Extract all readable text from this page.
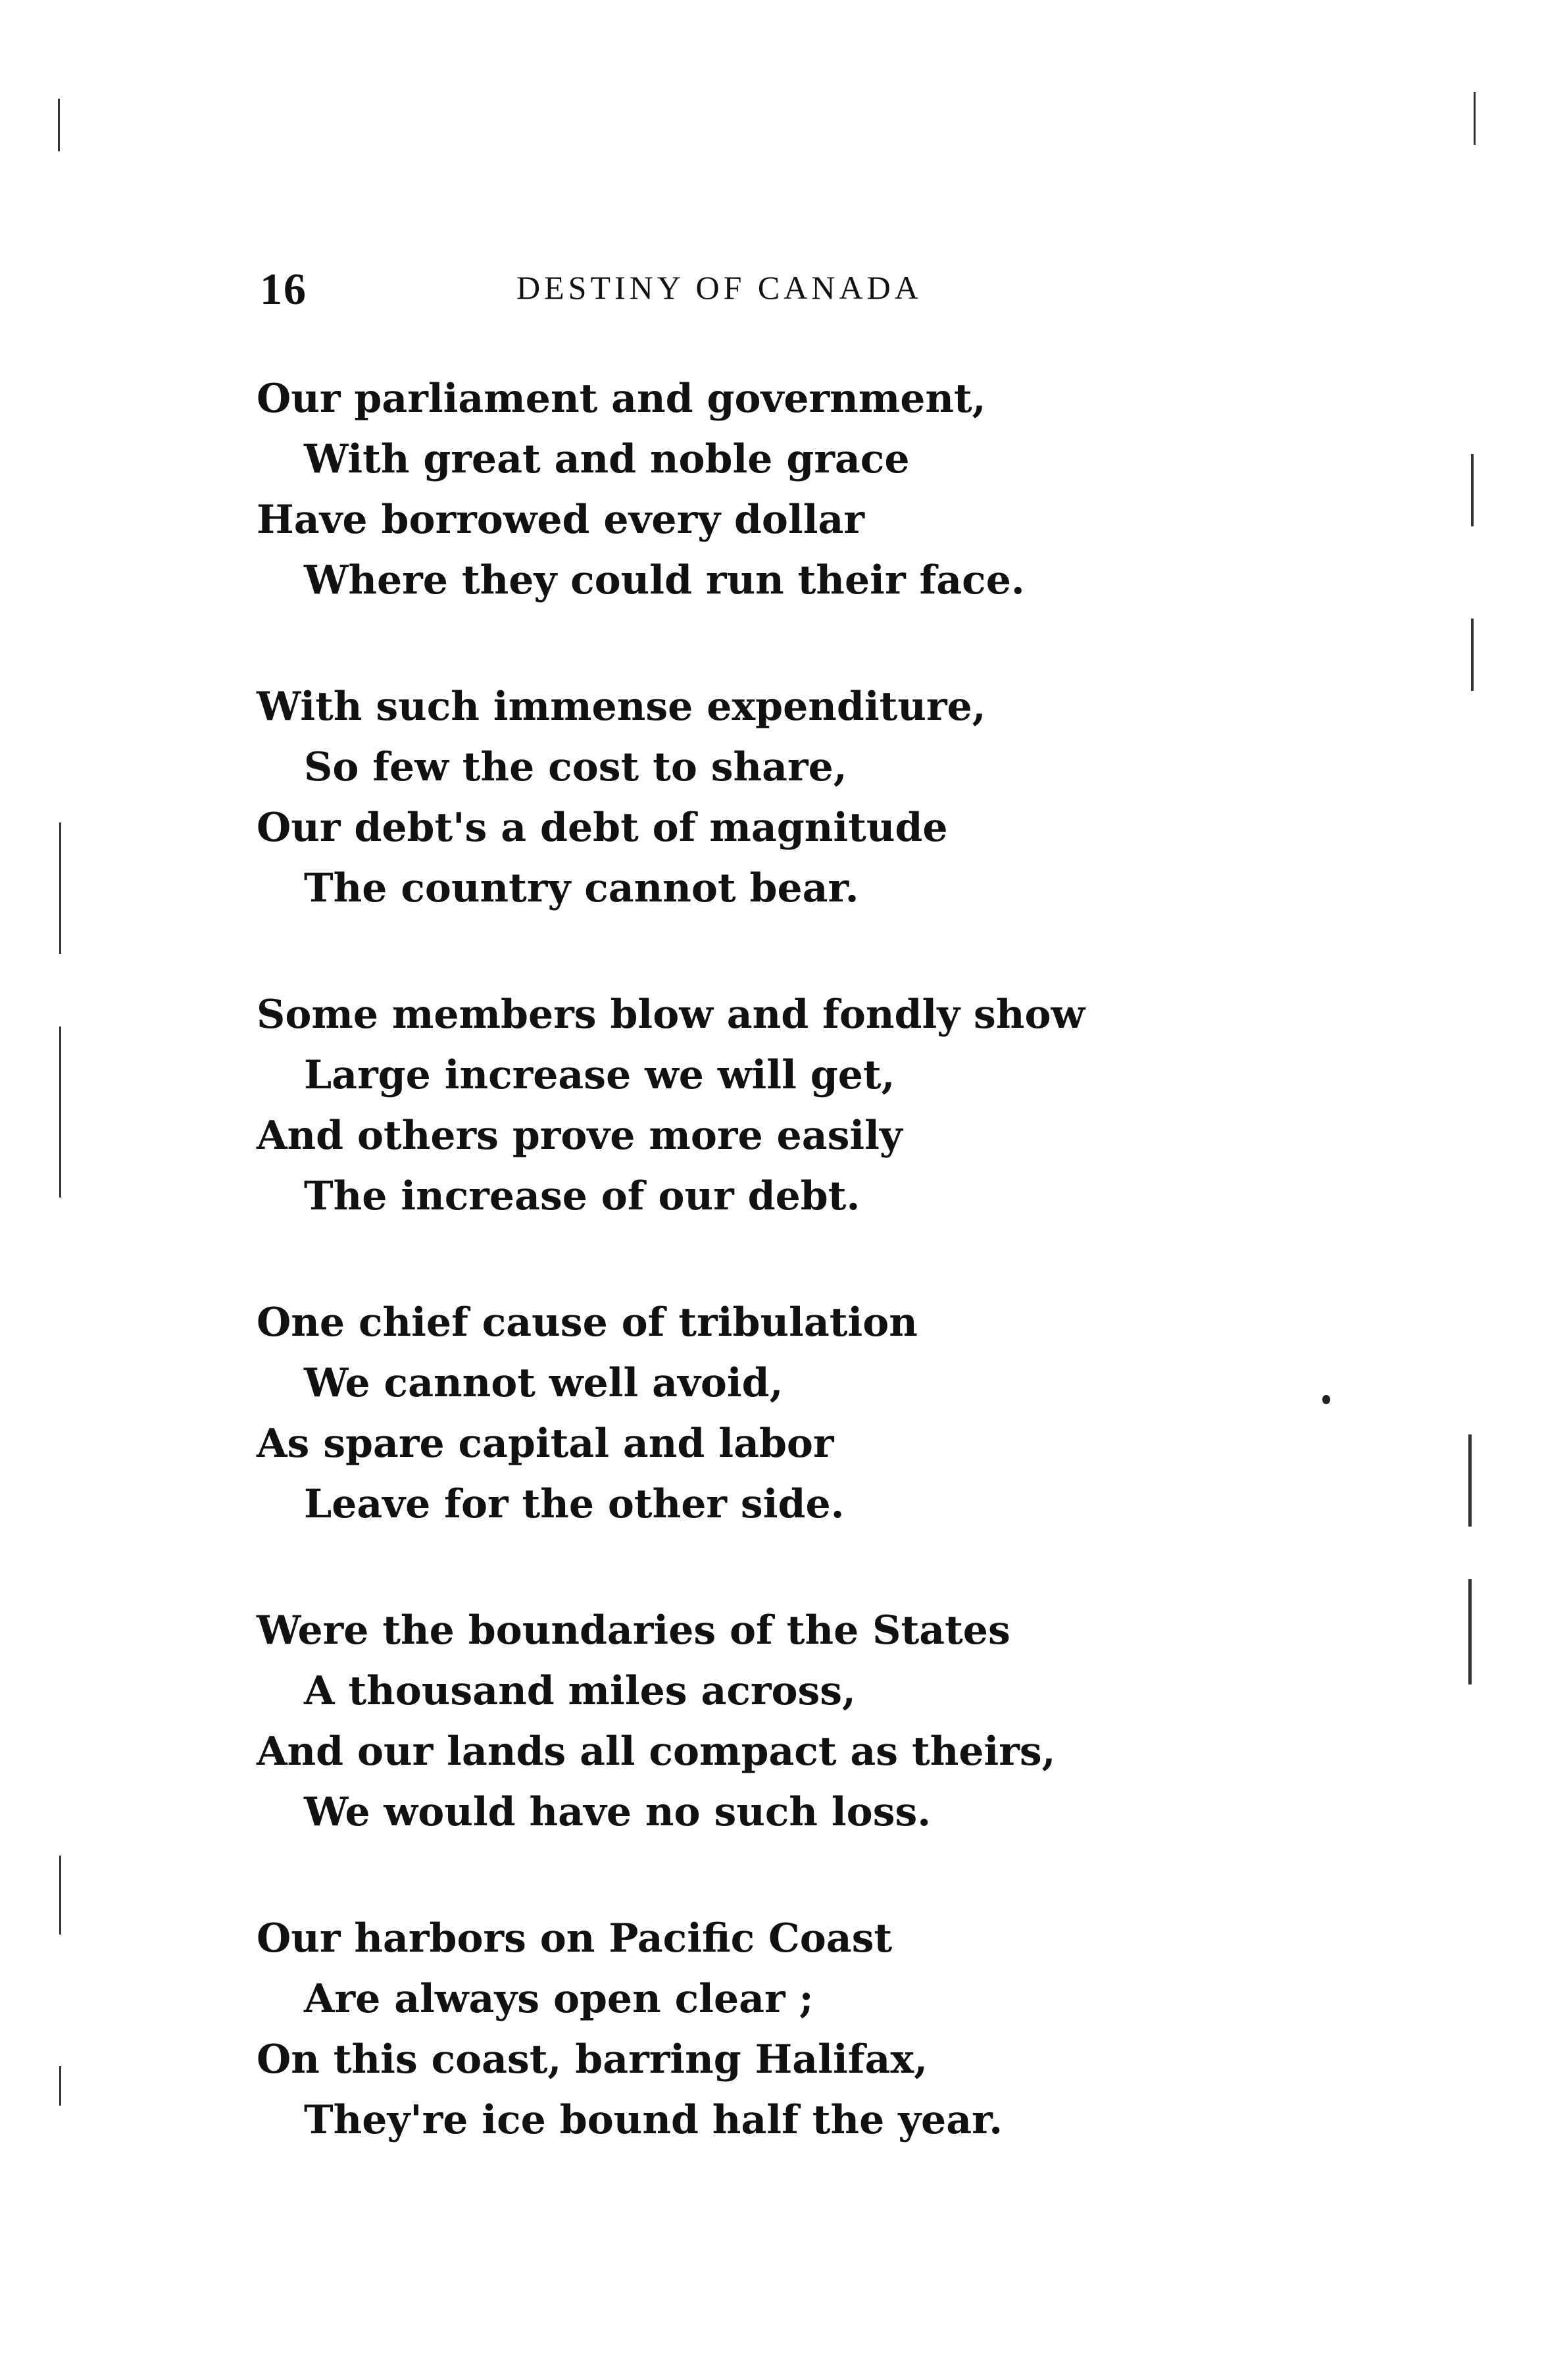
16	DESTINY OF CANADA
Our parliament and government,
With great and noble grace
Have borrowed every dollar
Where they could run their face.
With such immense expenditure,
So few the cost to share,
Our debt's a debt of magnitude
The country cannot bear.
Some members blow and fondly show
Large increase we will get,
And others prove more easily
The increase of our debt.
One chief cause of tribulation
We cannot well avoid,
As spare capital and labor
Leave for the other side.
Were the boundaries of the States
A thousand miles across,
And our lands all compact as theirs,
We would have no such loss.
Our harbors on Pacific Coast
Are always open clear ;
On this coast, barring Halifax,
They're ice bound half the year.
